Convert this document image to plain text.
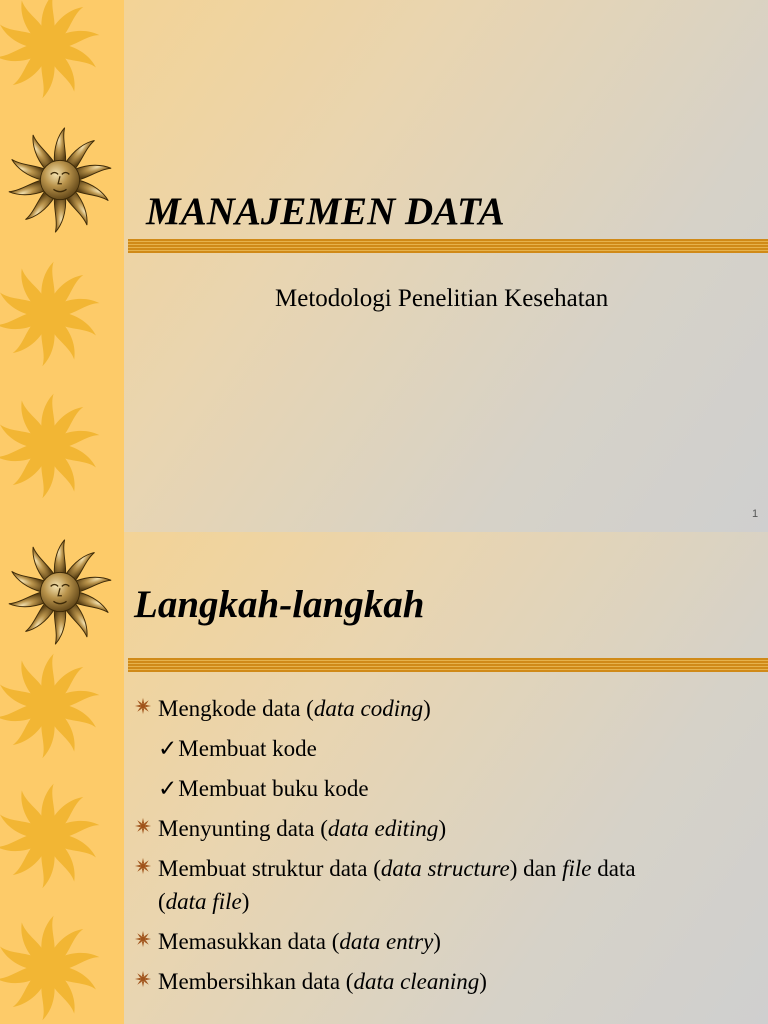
MANAJEMEN DATA
Metodologi Penelitian Kesehatan
1
Langkah-langkah
Mengkode data (data coding)
✓Membuat kode
✓Membuat buku kode
Menyunting data (data editing)
Membuat struktur data (data structure) dan file data
(data file)
Memasukkan data (data entry)
Membersihkan data (data cleaning)
